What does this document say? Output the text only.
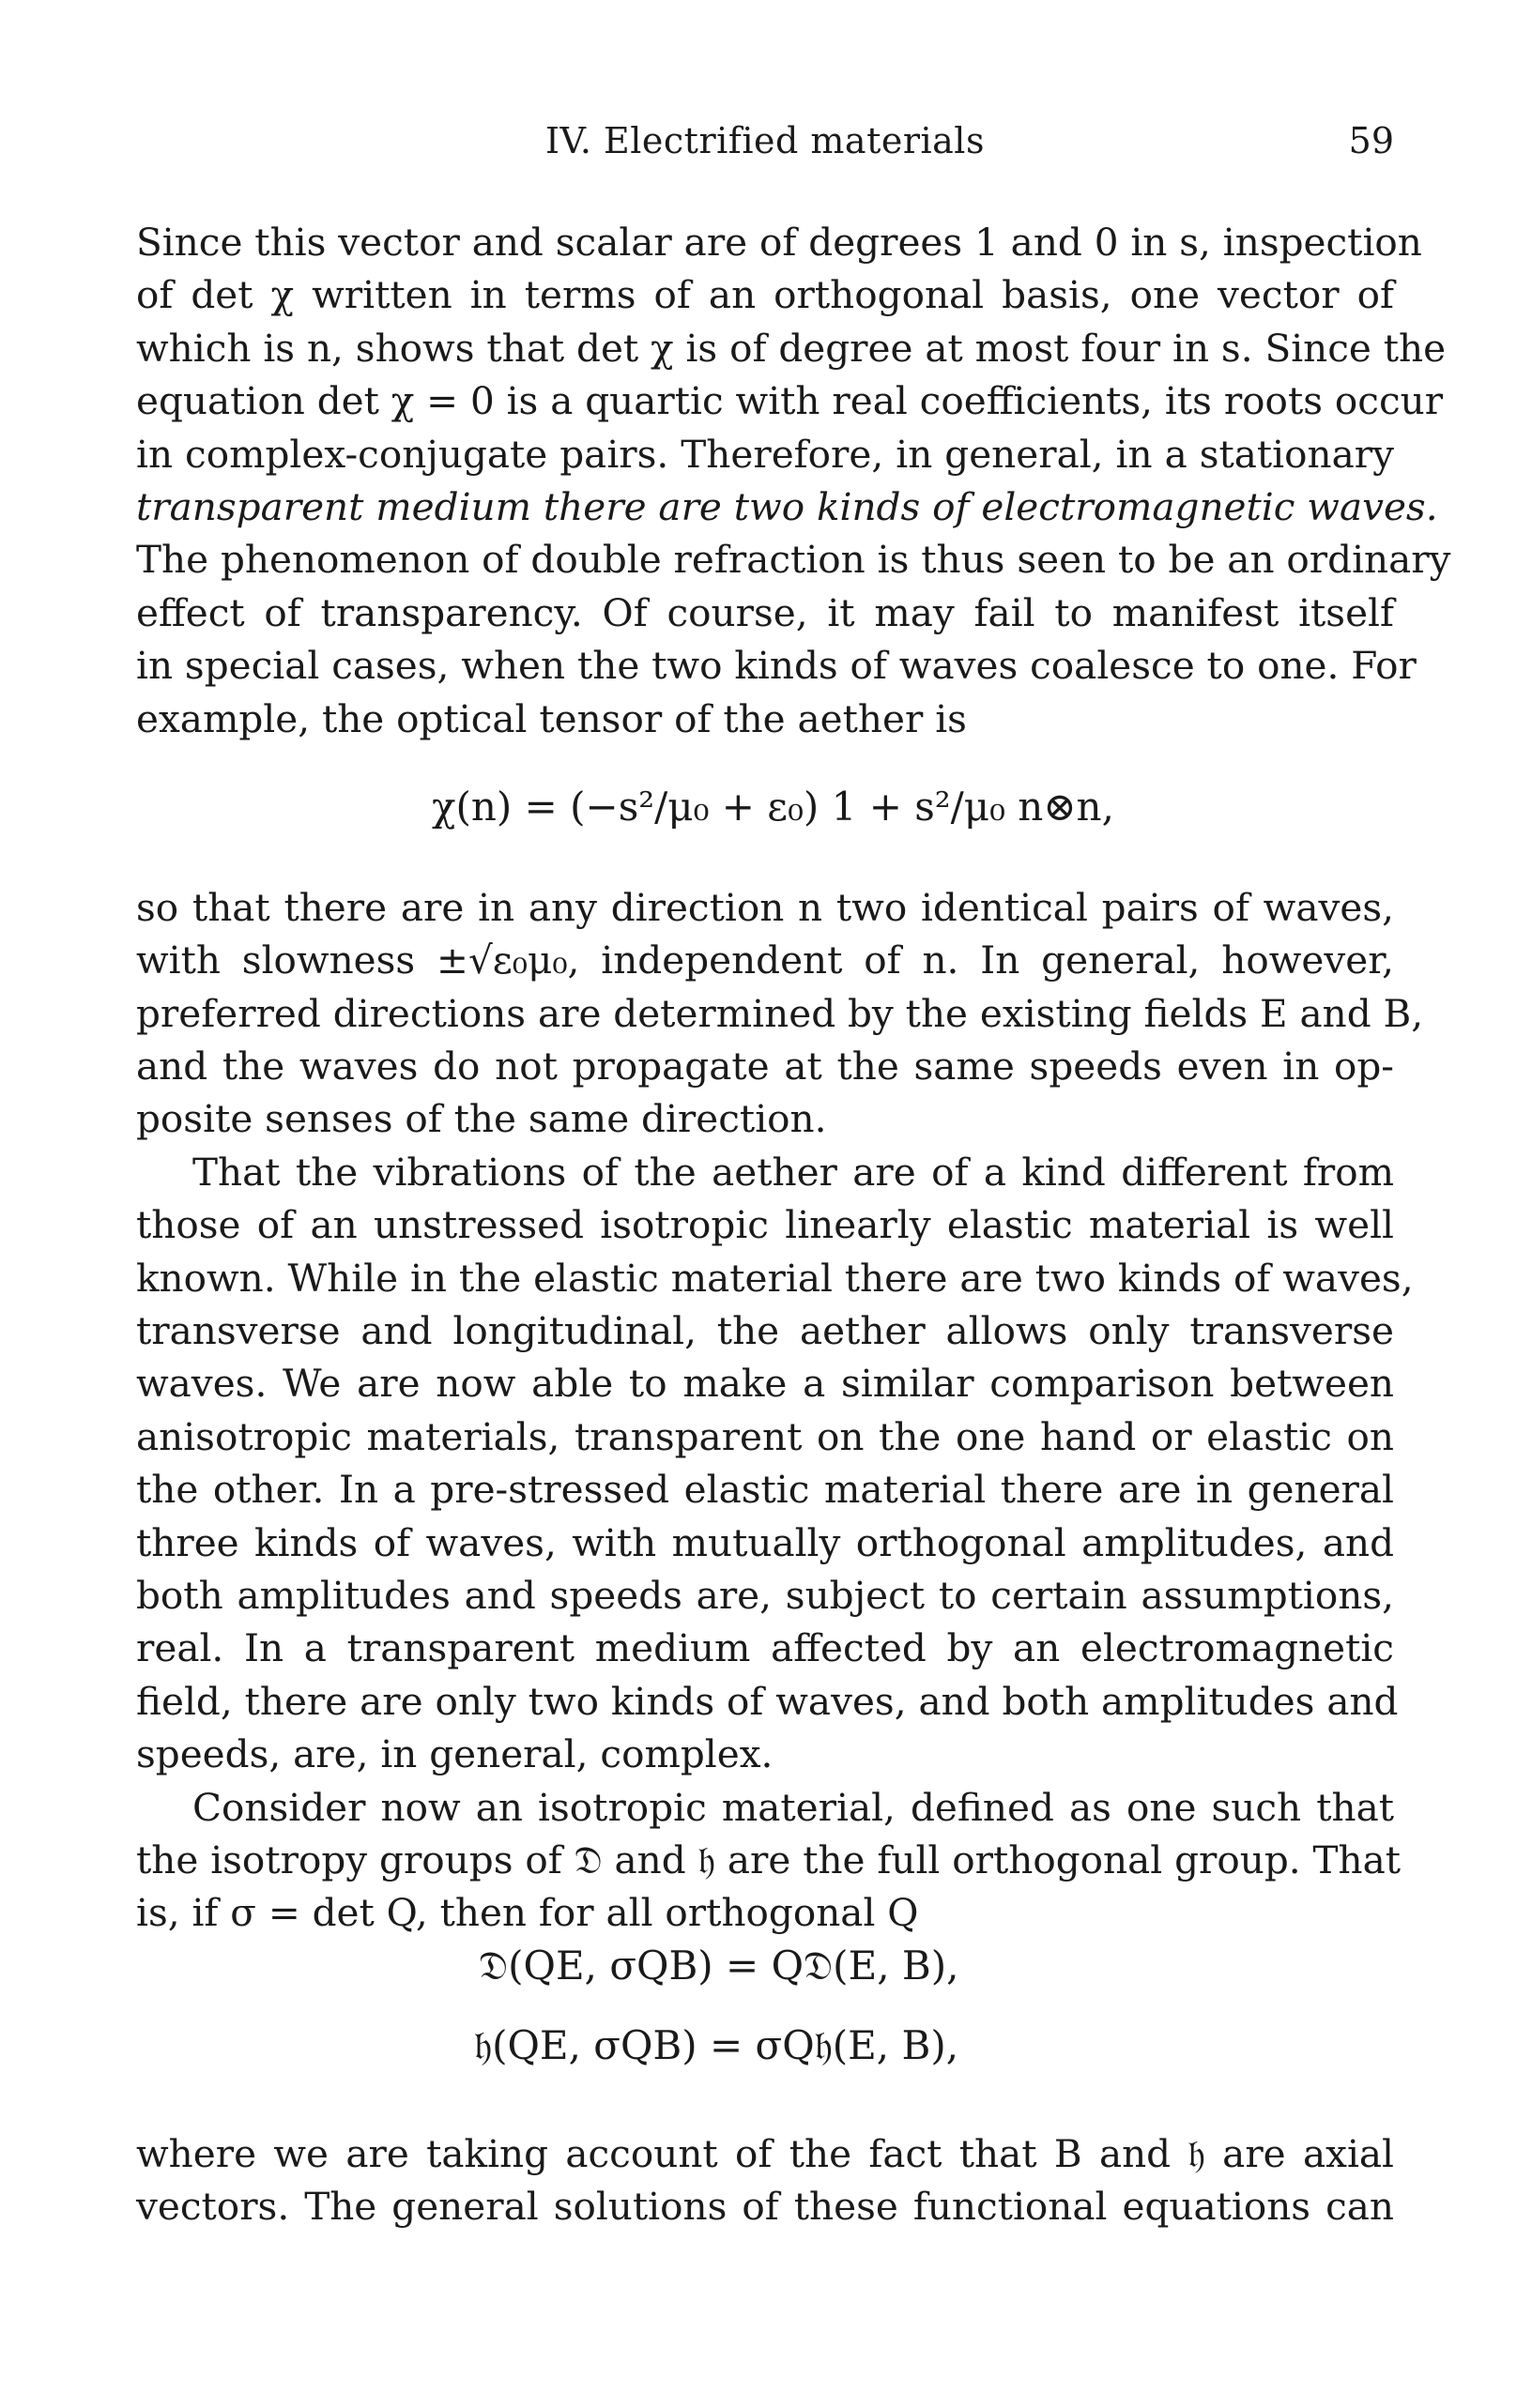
IV. Electrified materials	59
Since this vector and scalar are of degrees 1 and 0 in s, inspection
of det χ written in terms of an orthogonal basis, one vector of
which is n, shows that det χ is of degree at most four in s. Since the
equation det χ = 0 is a quartic with real coefficients, its roots occur
in complex-conjugate pairs. Therefore, in general, in a stationary
transparent medium there are two kinds of electromagnetic waves.
The phenomenon of double refraction is thus seen to be an ordinary
effect of transparency. Of course, it may fail to manifest itself
in special cases, when the two kinds of waves coalesce to one. For
example, the optical tensor of the aether is
so that there are in any direction n two identical pairs of waves,
with slowness ±√ε₀μ₀, independent of n. In general, however,
preferred directions are determined by the existing fields E and B,
and the waves do not propagate at the same speeds even in op-
posite senses of the same direction.
That the vibrations of the aether are of a kind different from
those of an unstressed isotropic linearly elastic material is well
known. While in the elastic material there are two kinds of waves,
transverse and longitudinal, the aether allows only transverse
waves. We are now able to make a similar comparison between
anisotropic materials, transparent on the one hand or elastic on
the other. In a pre-stressed elastic material there are in general
three kinds of waves, with mutually orthogonal amplitudes, and
both amplitudes and speeds are, subject to certain assumptions,
real. In a transparent medium affected by an electromagnetic
field, there are only two kinds of waves, and both amplitudes and
speeds, are, in general, complex.
Consider now an isotropic material, defined as one such that
the isotropy groups of 𝔇 and 𝔥 are the full orthogonal group. That
is, if σ = det Q, then for all orthogonal Q
where we are taking account of the fact that B and 𝔥 are axial
vectors. The general solutions of these functional equations can
χ(n) = (−s²/μ₀ + ε₀) 1 + s²/μ₀ n⊗n,
𝔇(QE, σQB) = Q𝔇(E, B),
𝔥(QE, σQB) = σQ𝔥(E, B),
